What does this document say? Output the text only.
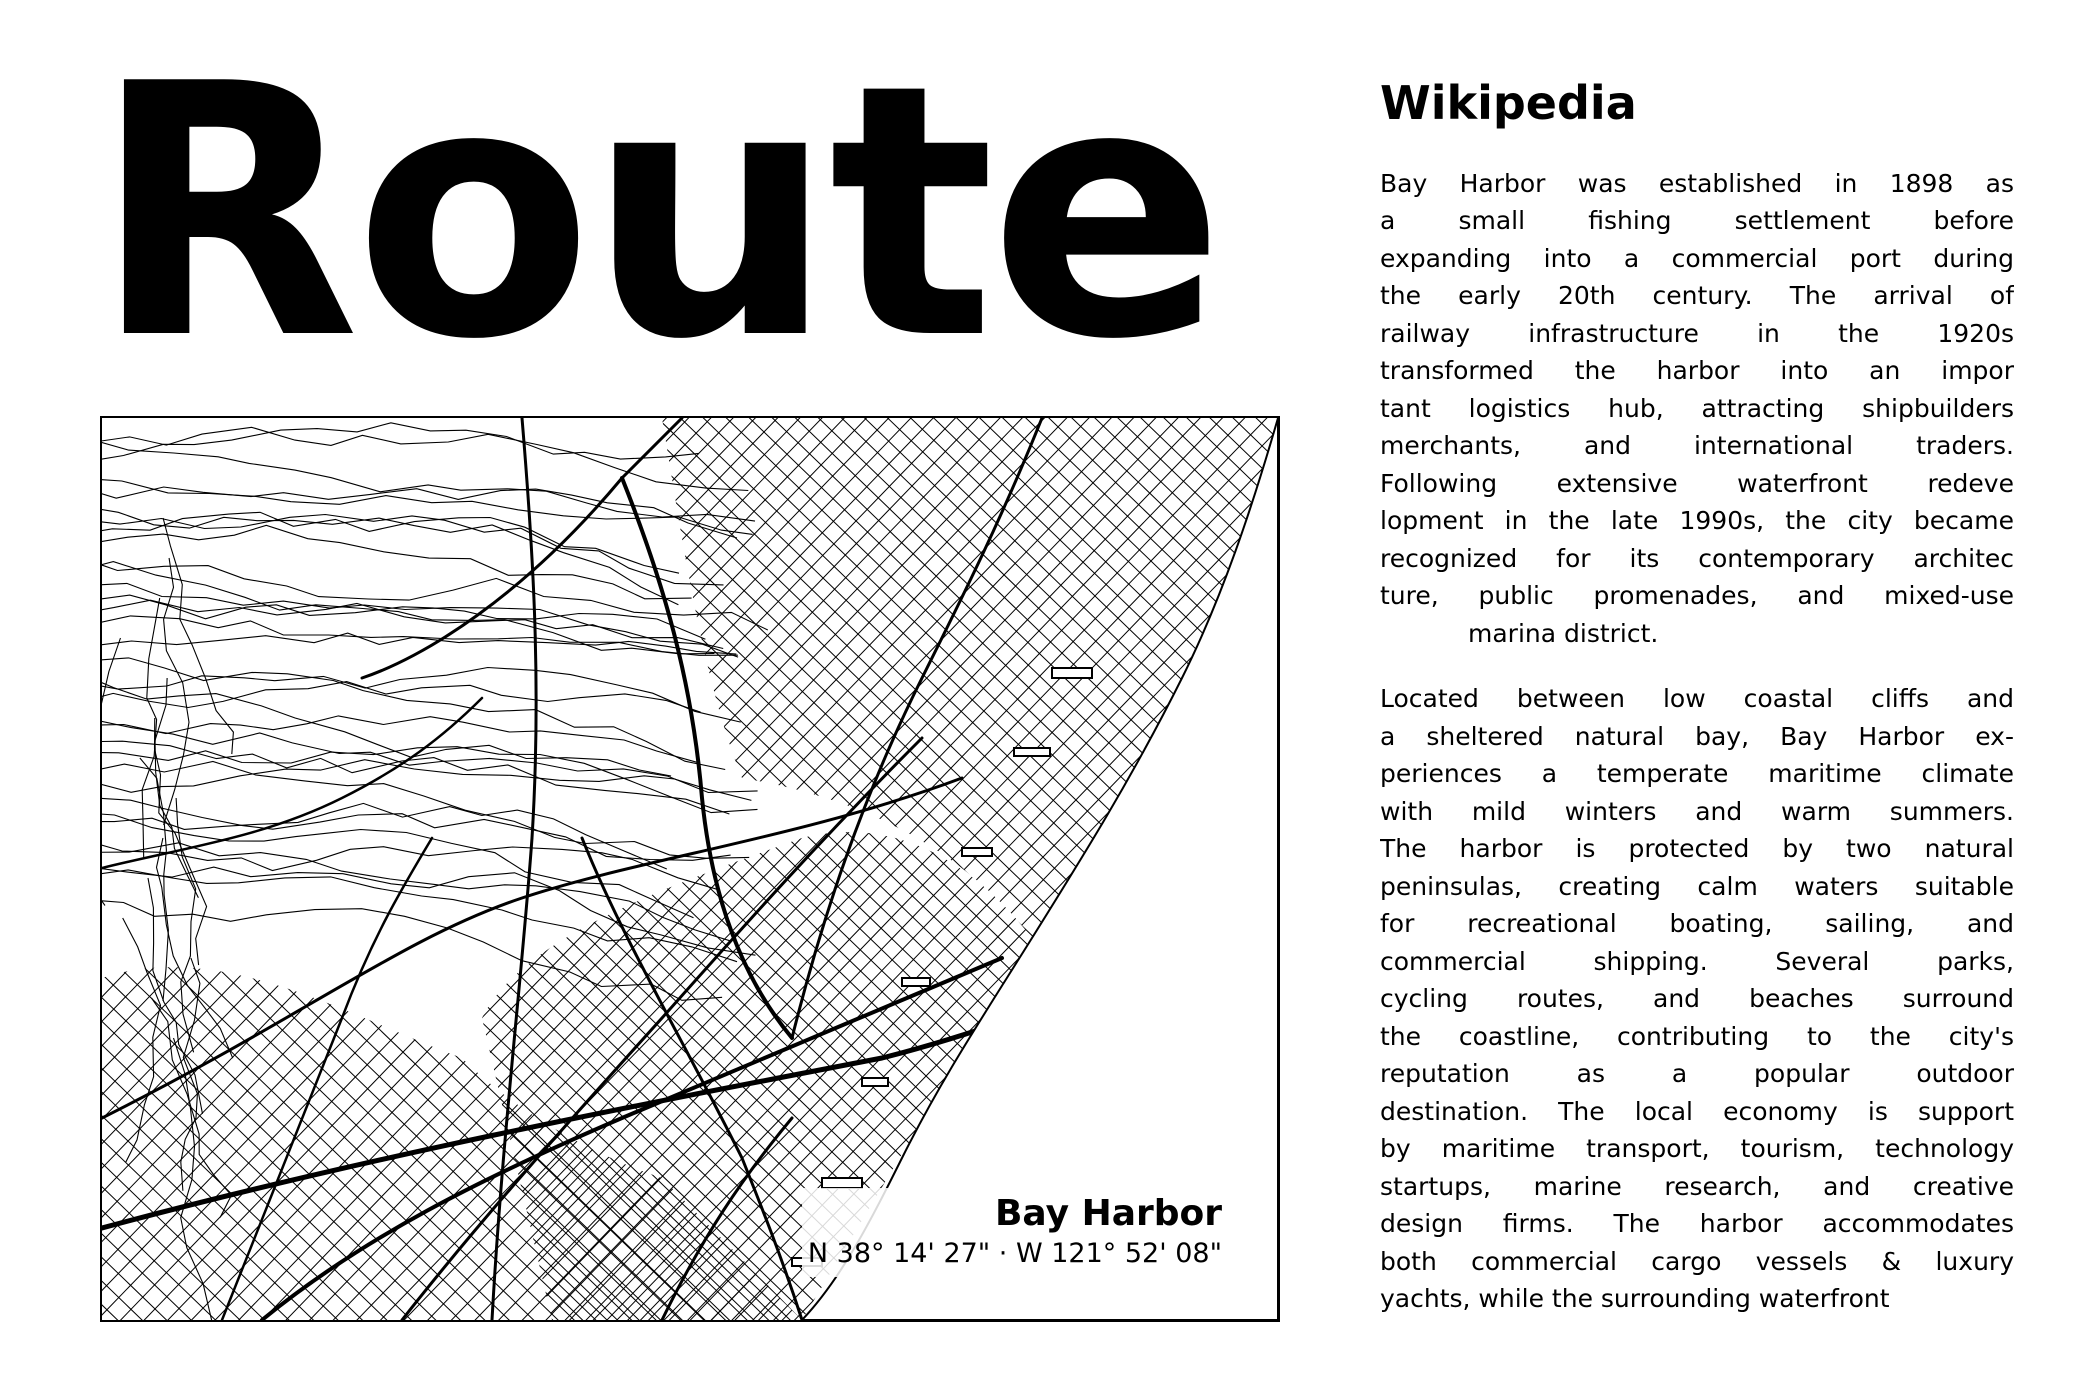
Route
Bay Harbor
N 38° 14' 27" · W 121° 52' 08"
Wikipedia

Bay Harbor was established in 1898 as
a small fishing settlement before
expanding into a commercial port during
the early 20th century. The arrival of
railway infrastructure in the 1920s
transformed the harbor into an impor
tant logistics hub, attracting shipbuilders
merchants, and international traders.
Following extensive waterfront redeve
lopment in the late 1990s, the city became
recognized for its contemporary architec
ture, public promenades, and mixed-use
marina district.

Located between low coastal cliffs and
a sheltered natural bay, Bay Harbor ex-
periences a temperate maritime climate
with mild winters and warm summers.
The harbor is protected by two natural
peninsulas, creating calm waters suitable
for recreational boating, sailing, and
commercial shipping. Several parks,
cycling routes, and beaches surround
the coastline, contributing to the city's
reputation as a popular outdoor
destination. The local economy is support
by maritime transport, tourism, technology
startups, marine research, and creative
design firms. The harbor accommodates
both commercial cargo vessels & luxury
yachts, while the surrounding waterfront
